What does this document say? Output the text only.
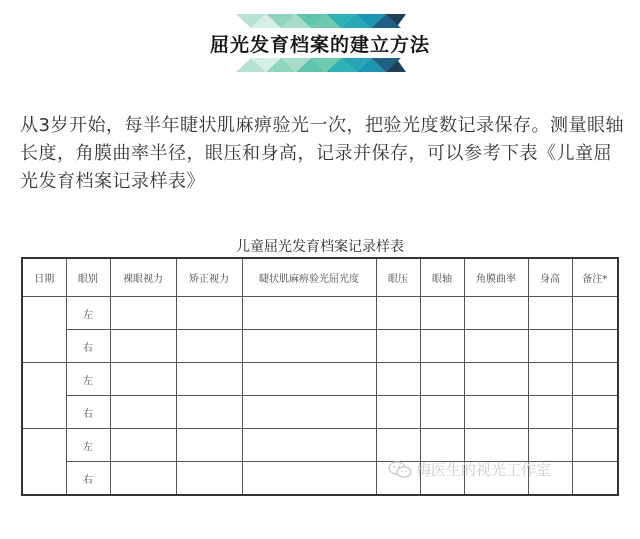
屈光发育档案的建立方法

从3岁开始，每半年睫状肌麻痹验光一次，把验光度数记录保存。测量眼轴长度，角膜曲率半径，眼压和身高，记录并保存，可以参考下表《儿童屈光发育档案记录样表》

儿童屈光发育档案记录样表
日期	眼别	裸眼视力	矫正视力	睫状肌麻痹验光屈光度	眼压	眼轴	角膜曲率	身高	备注*
	左								
	右								
	左								
	右								
	左								
	右								
梅医生的视光工作室
